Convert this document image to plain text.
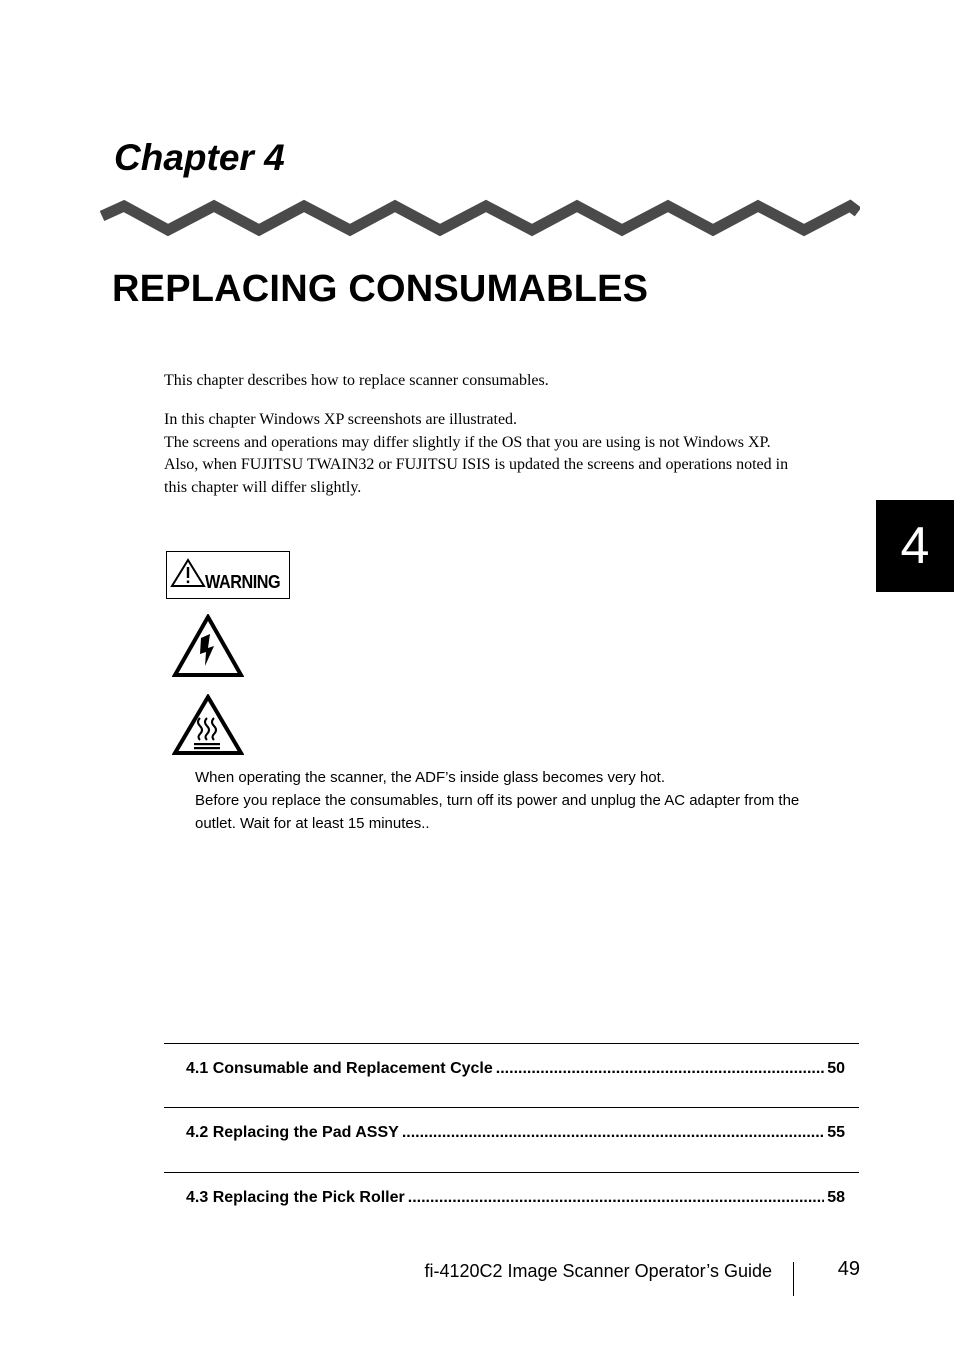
Chapter 4
REPLACING CONSUMABLES

This chapter describes how to replace scanner consumables.

In this chapter Windows XP screenshots are illustrated.

The screens and operations may differ slightly if the OS that you are using is not Windows XP.

Also, when FUJITSU TWAIN32 or FUJITSU ISIS is updated the screens and operations noted in

this chapter will differ slightly.

4
WARNING

When operating the scanner, the ADF’s inside glass becomes very hot.

Before you replace the consumables, turn off its power and unplug the AC adapter from the

outlet. Wait for at least 15 minutes..

4.1 Consumable and Replacement Cycle .....	50
4.2 Replacing the Pad ASSY .....	55
4.3 Replacing the Pick Roller .....	58
fi-4120C2 Image Scanner Operator’s Guide	49
